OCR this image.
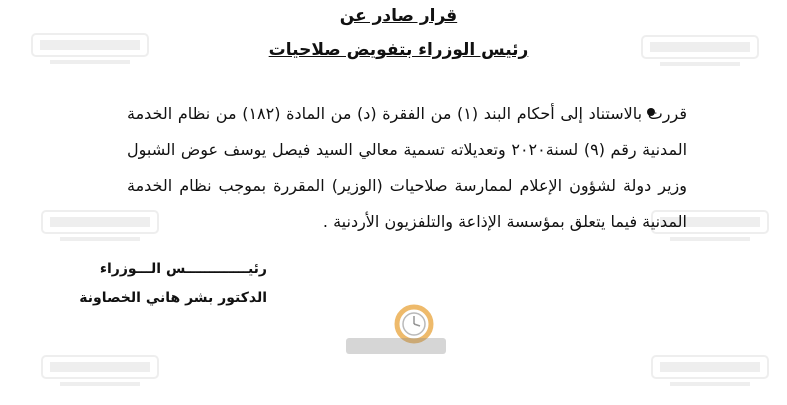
قرار صادر عن
رئيس الوزراء بتفويض صلاحيات
قررت بالاستناد إلى أحكام البند (١) من الفقرة (د) من المادة (١٨٢) من نظام الخدمة المدنية رقم (٩) لسنة٢٠٢٠ وتعديلاته تسمية معالي السيد فيصل يوسف عوض الشبول وزير دولة لشؤون الإعلام لممارسة صلاحيات (الوزير) المقررة بموجب نظام الخدمة المدنية فيما يتعلق بمؤسسة الإذاعة والتلفزيون الأردنية .
رئيـــــــــــــس الـــوزراء
الدكتور بشر هاني الخصاونة
